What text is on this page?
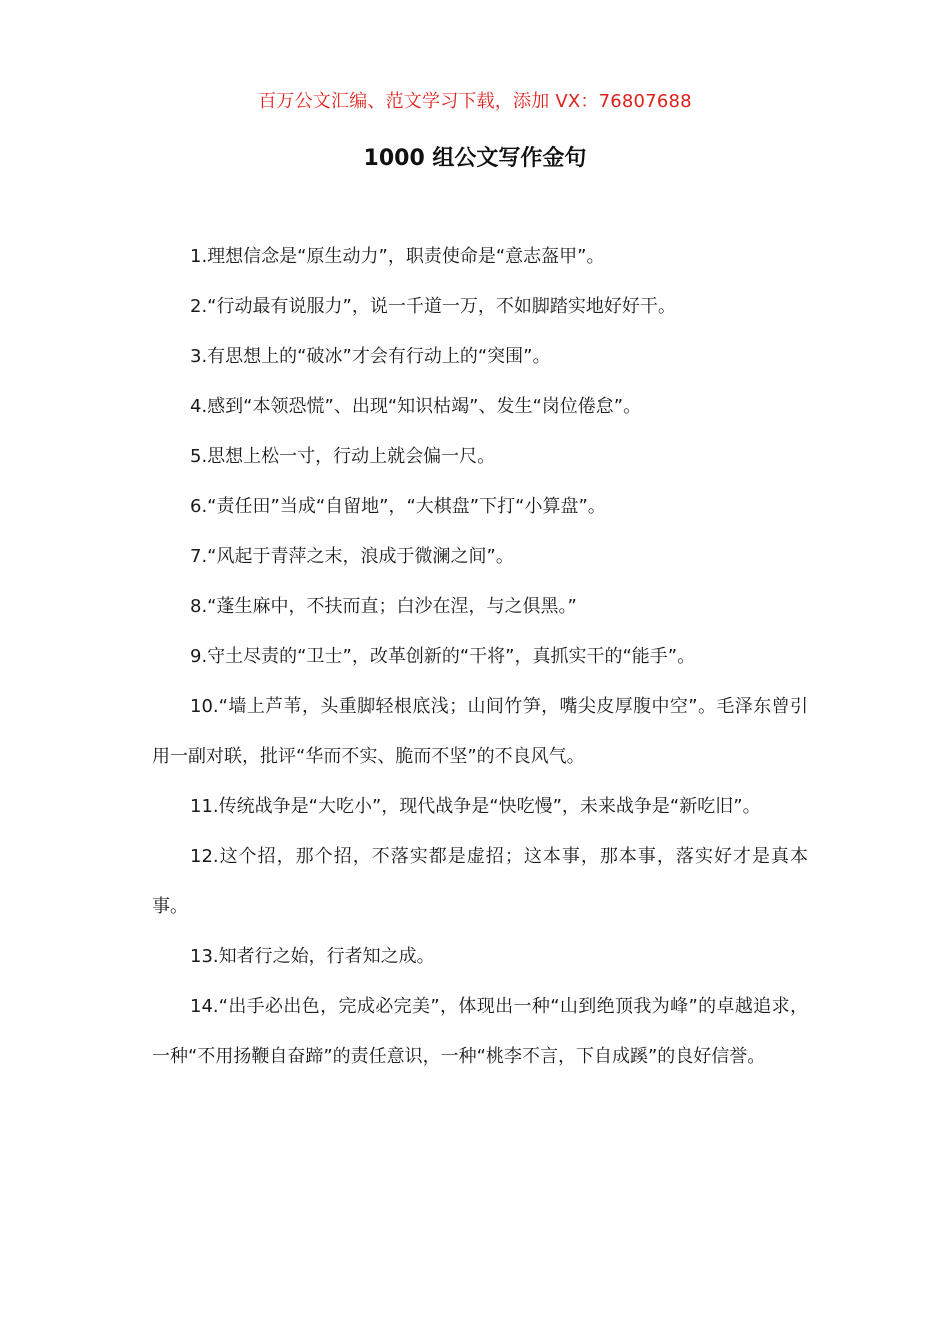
百万公文汇编、范文学习下载，添加 VX：76807688
1000 组公文写作金句

1.理想信念是“原生动力”，职责使命是“意志盔甲”。

2.“行动最有说服力”，说一千道一万，不如脚踏实地好好干。

3.有思想上的“破冰”才会有行动上的“突围”。

4.感到“本领恐慌”、出现“知识枯竭”、发生“岗位倦怠”。

5.思想上松一寸，行动上就会偏一尺。

6.“责任田”当成“自留地”，“大棋盘”下打“小算盘”。

7.“风起于青萍之末，浪成于微澜之间”。

8.“蓬生麻中，不扶而直；白沙在涅，与之俱黑。”

9.守土尽责的“卫士”，改革创新的“干将”，真抓实干的“能手”。

10.“墙上芦苇，头重脚轻根底浅；山间竹笋，嘴尖皮厚腹中空”。毛泽东曾引用一副对联，批评“华而不实、脆而不坚”的不良风气。

11.传统战争是“大吃小”，现代战争是“快吃慢”，未来战争是“新吃旧”。

12.这个招，那个招，不落实都是虚招；这本事，那本事，落实好才是真本事。

13.知者行之始，行者知之成。

14.“出手必出色，完成必完美”，体现出一种“山到绝顶我为峰”的卓越追求，一种“不用扬鞭自奋蹄”的责任意识，一种“桃李不言，下自成蹊”的良好信誉。
